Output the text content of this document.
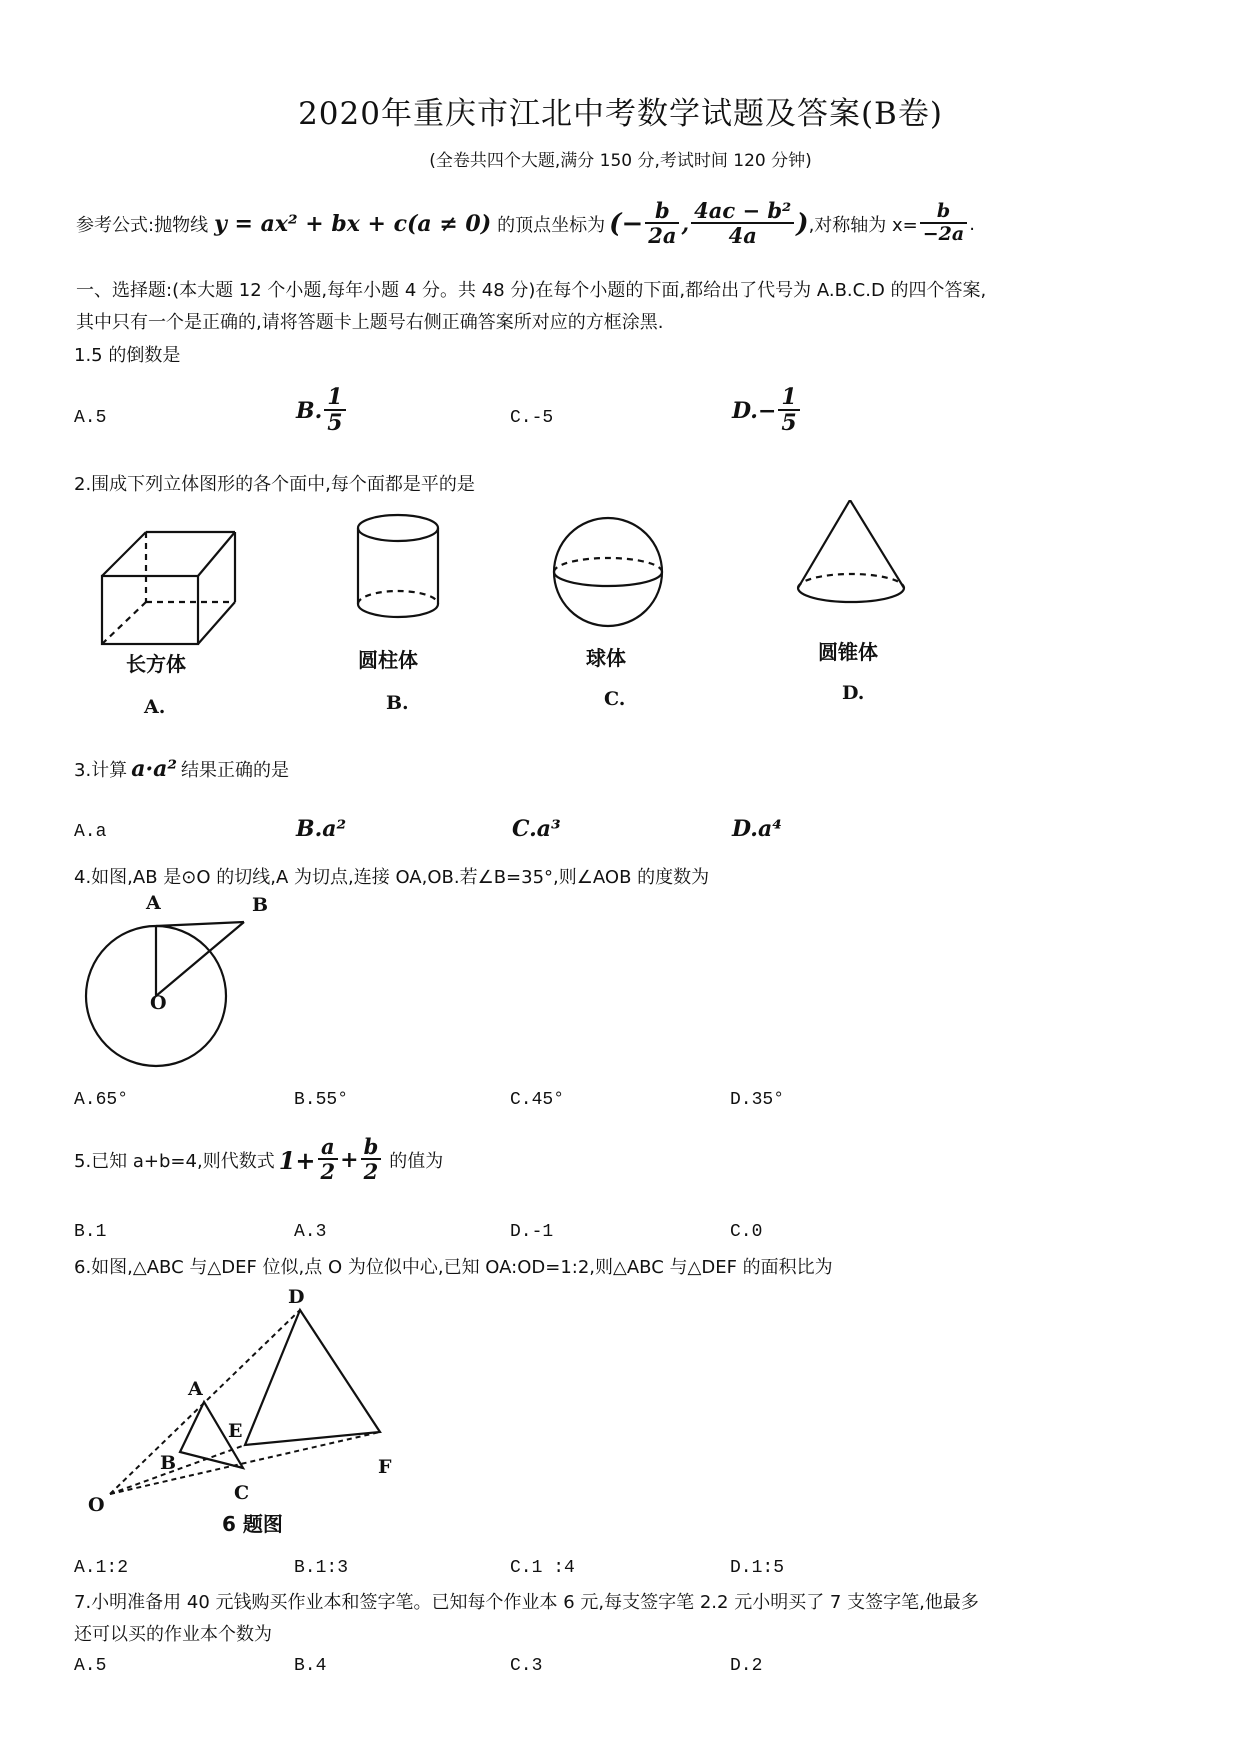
2020年重庆市江北中考数学试题及答案(B卷)
(全卷共四个大题,满分 150 分,考试时间 120 分钟)
参考公式:抛物线 y = ax² + bx + c(a ≠ 0) 的顶点坐标为 (− $\frac{b}{2a}$ , $\frac{\text{4ac − b²}}{4a}$ ) ,对称轴为 $x= \frac{b}{-2a}$ .
一、选择题:(本大题 12 个小题,每年小题 4 分。共 48 分)在每个小题的下面,都给出了代号为 A.B.C.D 的四个答案,
其中只有一个是正确的,请将答题卡上题号右侧正确答案所对应的方框涂黑.
1.5 的倒数是
A.5	B. $\frac{1}{5}$	C.-5	$D.- \frac{1}{5}$
2.围成下列立体图形的各个面中,每个面都是平的是
长方体	圆柱体	球体	圆锥体
A.	B.	C.	D.
3.计算 a·a² 结果正确的是
A.a	B.a²	C.a³	D.a⁴
4.如图,AB 是⊙O 的切线,A 为切点,连接 OA,OB.若∠B=35°,则∠AOB 的度数为
A	B
O
A.65°	B.55°	C.45°	D.35°
5.已知 a+b=4,则代数式 $1+ \frac{a}{2} + \frac{b}{2}$ 的值为
B.1	A.3	D.-1	C.0
6.如图,△ABC 与△DEF 位似,点 O 为位似中心,已知 OA:OD=1:2,则△ABC 与△DEF 的面积比为
D
A
E
B
C
F
O
6 题图
A.1:2	B.1:3	C.1 :4	D.1:5
7.小明准备用 40 元钱购买作业本和签字笔。已知每个作业本 6 元,每支签字笔 2.2 元小明买了 7 支签字笔,他最多
还可以买的作业本个数为
A.5	B.4	C.3	D.2
